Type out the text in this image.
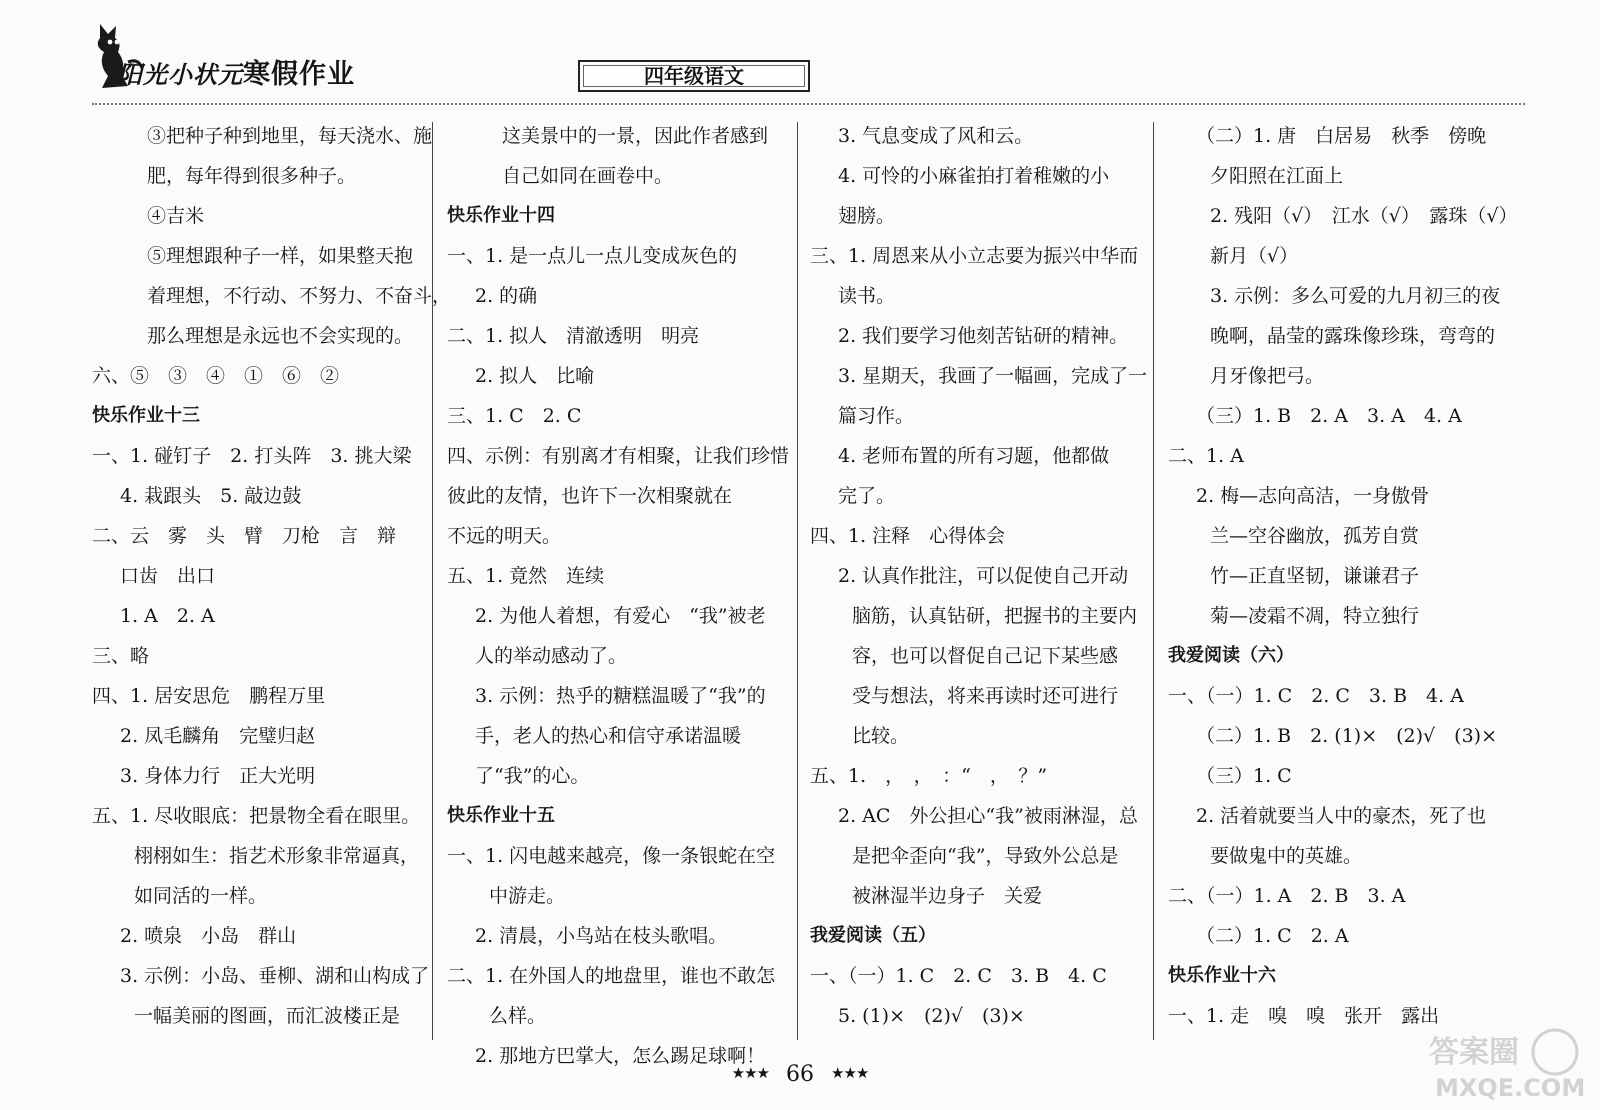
阳光小状元寒假作业	四年级语文
③把种子种到地里，每天浇水、施
肥，每年得到很多种子。
④吉米
⑤理想跟种子一样，如果整天抱
着理想，不行动、不努力、不奋斗，
那么理想是永远也不会实现的。
六、⑤　③　④　①　⑥　②
快乐作业十三
一、1. 碰钉子　2. 打头阵　3. 挑大梁
4. 栽跟头　5. 敲边鼓
二、云　雾　头　臂　刀枪　言　辩
口齿　出口
1. A　2. A
三、略
四、1. 居安思危　鹏程万里
2. 凤毛麟角　完璧归赵
3. 身体力行　正大光明
五、1. 尽收眼底：把景物全看在眼里。
栩栩如生：指艺术形象非常逼真，
如同活的一样。
2. 喷泉　小岛　群山
3. 示例：小岛、垂柳、湖和山构成了
一幅美丽的图画，而汇波楼正是
这美景中的一景，因此作者感到
自己如同在画卷中。
快乐作业十四
一、1. 是一点儿一点儿变成灰色的
2. 的确
二、1. 拟人　清澈透明　明亮
2. 拟人　比喻
三、1. C　2. C
四、示例：有别离才有相聚，让我们珍惜
彼此的友情，也许下一次相聚就在
不远的明天。
五、1. 竟然　连续
2. 为他人着想，有爱心　“我”被老
人的举动感动了。
3. 示例：热乎的糖糕温暖了“我”的
手，老人的热心和信守承诺温暖
了“我”的心。
快乐作业十五
一、1. 闪电越来越亮，像一条银蛇在空
中游走。
2. 清晨，小鸟站在枝头歌唱。
二、1. 在外国人的地盘里，谁也不敢怎
么样。
2. 那地方巴掌大，怎么踢足球啊！
3. 气息变成了风和云。
4. 可怜的小麻雀拍打着稚嫩的小
翅膀。
三、1. 周恩来从小立志要为振兴中华而
读书。
2. 我们要学习他刻苦钻研的精神。
3. 星期天，我画了一幅画，完成了一
篇习作。
4. 老师布置的所有习题，他都做
完了。
四、1. 注释　心得体会
2. 认真作批注，可以促使自己开动
脑筋，认真钻研，把握书的主要内
容，也可以督促自己记下某些感
受与想法，将来再读时还可进行
比较。
五、1.　，　，　：“　，　？”
2. AC　外公担心“我”被雨淋湿，总
是把伞歪向“我”，导致外公总是
被淋湿半边身子　关爱
我爱阅读（五）
一、（一）1. C　2. C　3. B　4. C
5. (1)×　(2)√　(3)×
（二）1. 唐　白居易　秋季　傍晚
夕阳照在江面上
2. 残阳（√）　江水（√）　露珠（√）
新月（√）
3. 示例：多么可爱的九月初三的夜
晚啊，晶莹的露珠像珍珠，弯弯的
月牙像把弓。
（三）1. B　2. A　3. A　4. A
二、1. A
2. 梅—志向高洁，一身傲骨
兰—空谷幽放，孤芳自赏
竹—正直坚韧，谦谦君子
菊—凌霜不凋，特立独行
我爱阅读（六）
一、（一）1. C　2. C　3. B　4. A
（二）1. B　2. (1)×　(2)√　(3)×
（三）1. C
2. 活着就要当人中的豪杰，死了也
要做鬼中的英雄。
二、（一）1. A　2. B　3. A
（二）1. C　2. A
快乐作业十六
一、1. 走　嗅　嗅　张开　露出
★★★ 66 ★★★
答案圈
MXQE.COM
